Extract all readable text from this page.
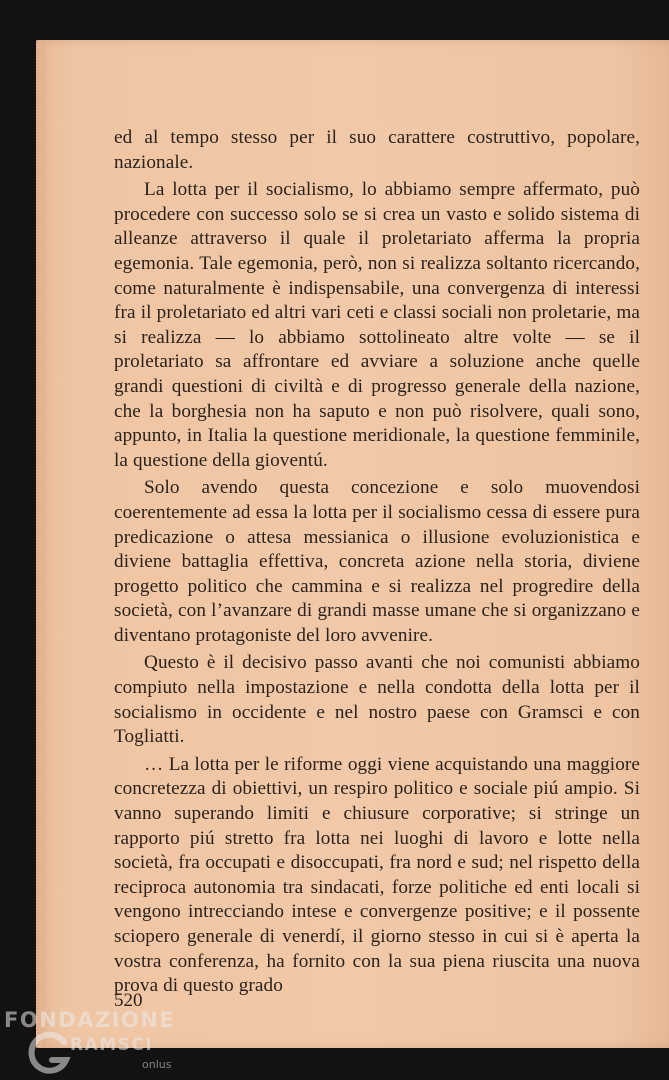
ed al tempo stesso per il suo carattere costruttivo, popolare, nazionale.

La lotta per il socialismo, lo abbiamo sempre affermato, può procedere con successo solo se si crea un vasto e solido sistema di alleanze attraverso il quale il proletariato afferma la propria egemonia. Tale egemonia, però, non si realizza soltanto ricercando, come naturalmente è indispensabile, una convergenza di interessi fra il proletariato ed altri vari ceti e classi sociali non proletarie, ma si realizza — lo abbiamo sottolineato altre volte — se il proletariato sa affrontare ed avviare a soluzione anche quelle grandi questioni di civiltà e di progresso generale della nazione, che la borghesia non ha saputo e non può risolvere, quali sono, appunto, in Italia la questione meridionale, la questione femminile, la questione della gioventú.

Solo avendo questa concezione e solo muovendosi coerentemente ad essa la lotta per il socialismo cessa di essere pura predicazione o attesa messianica o illusione evoluzionistica e diviene battaglia effettiva, concreta azione nella storia, diviene progetto politico che cammina e si realizza nel progredire della società, con l’avanzare di grandi masse umane che si organizzano e diventano protagoniste del loro avvenire.

Questo è il decisivo passo avanti che noi comunisti abbiamo compiuto nella impostazione e nella condotta della lotta per il socialismo in occidente e nel nostro paese con Gramsci e con Togliatti.

… La lotta per le riforme oggi viene acquistando una maggiore concretezza di obiettivi, un respiro politico e sociale piú ampio. Si vanno superando limiti e chiusure corporative; si stringe un rapporto piú stretto fra lotta nei luoghi di lavoro e lotte nella società, fra occupati e disoccupati, fra nord e sud; nel rispetto della reciproca autonomia tra sindacati, forze politiche ed enti locali si vengono intrecciando intese e convergenze positive; e il possente sciopero generale di venerdí, il giorno stesso in cui si è aperta la vostra conferenza, ha fornito con la sua piena riuscita una nuova prova di questo grado

520
FONDAZIONE
RAMSCI
onlus
